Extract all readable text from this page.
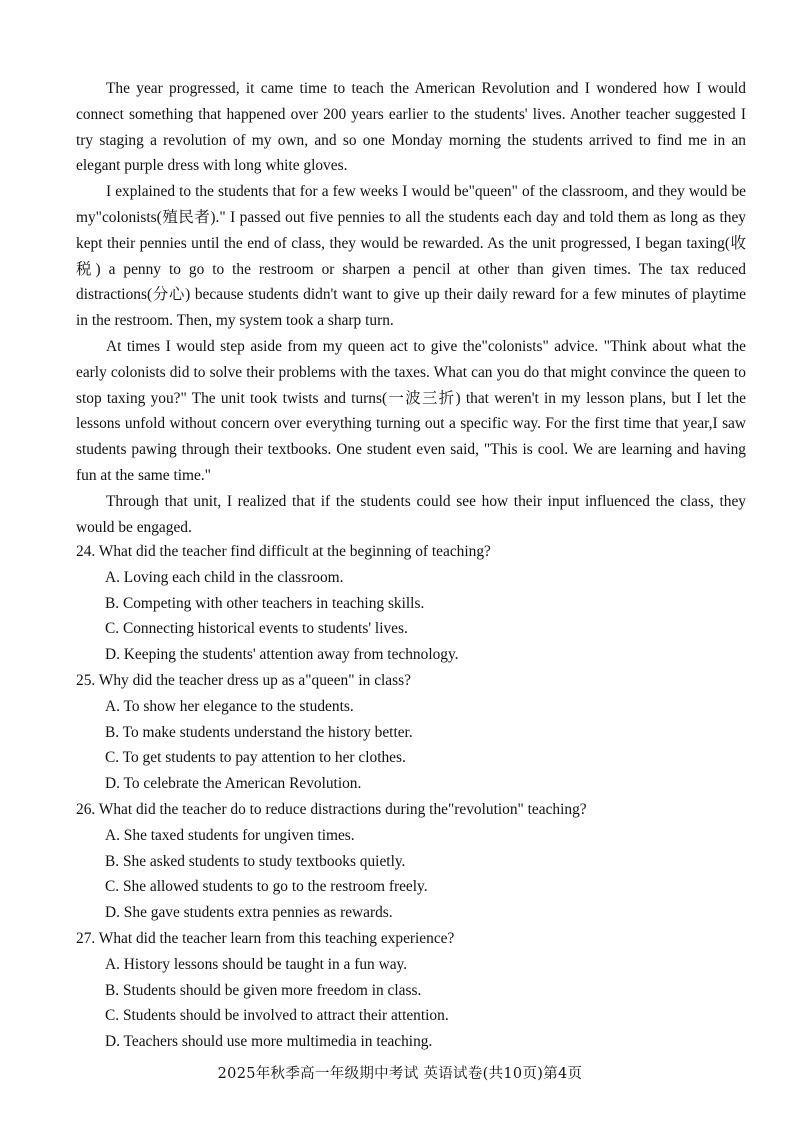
The year progressed, it came time to teach the American Revolution and I wondered how I would connect something that happened over 200 years earlier to the students' lives. Another teacher suggested I try staging a revolution of my own, and so one Monday morning the students arrived to find me in an elegant purple dress with long white gloves.

I explained to the students that for a few weeks I would be"queen" of the classroom, and they would be my"colonists(殖民者)." I passed out five pennies to all the students each day and told them as long as they kept their pennies until the end of class, they would be rewarded. As the unit progressed, I began taxing(收税) a penny to go to the restroom or sharpen a pencil at other than given times. The tax reduced distractions(分心) because students didn't want to give up their daily reward for a few minutes of playtime in the restroom. Then, my system took a sharp turn.

At times I would step aside from my queen act to give the"colonists" advice. "Think about what the early colonists did to solve their problems with the taxes. What can you do that might convince the queen to stop taxing you?" The unit took twists and turns(一波三折) that weren't in my lesson plans, but I let the lessons unfold without concern over everything turning out a specific way. For the first time that year,I saw students pawing through their textbooks. One student even said, "This is cool. We are learning and having fun at the same time."

Through that unit, I realized that if the students could see how their input influenced the class, they would be engaged.

24. What did the teacher find difficult at the beginning of teaching?

A. Loving each child in the classroom.

B. Competing with other teachers in teaching skills.

C. Connecting historical events to students' lives.

D. Keeping the students' attention away from technology.

25. Why did the teacher dress up as a"queen" in class?

A. To show her elegance to the students.

B. To make students understand the history better.

C. To get students to pay attention to her clothes.

D. To celebrate the American Revolution.

26. What did the teacher do to reduce distractions during the"revolution" teaching?

A. She taxed students for ungiven times.

B. She asked students to study textbooks quietly.

C. She allowed students to go to the restroom freely.

D. She gave students extra pennies as rewards.

27. What did the teacher learn from this teaching experience?

A. History lessons should be taught in a fun way.

B. Students should be given more freedom in class.

C. Students should be involved to attract their attention.

D. Teachers should use more multimedia in teaching.

2025年秋季高一年级期中考试 英语试卷(共10页)第4页
